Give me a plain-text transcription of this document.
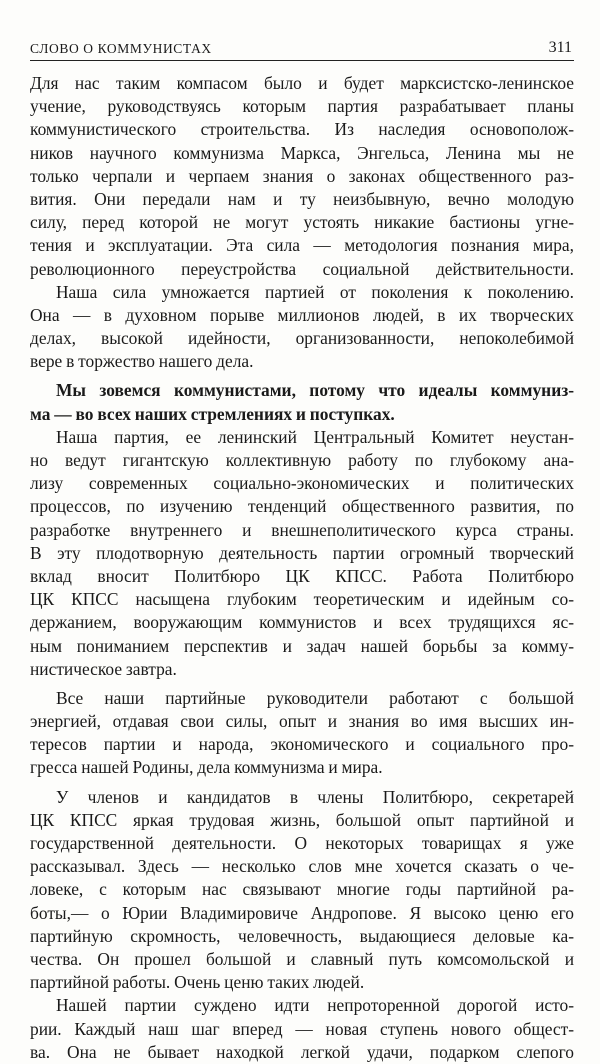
СЛОВО О КОММУНИСТАХ	311
Для нас таким компасом было и будет марксистско-ленинское
учение, руководствуясь которым партия разрабатывает планы
коммунистического строительства. Из наследия основополож-
ников научного коммунизма Маркса, Энгельса, Ленина мы не
только черпали и черпаем знания о законах общественного раз-
вития. Они передали нам и ту неизбывную, вечно молодую
силу, перед которой не могут устоять никакие бастионы угне-
тения и эксплуатации. Эта сила — методология познания мира,
революционного переустройства социальной действительности.
Наша сила умножается партией от поколения к поколению.
Она — в духовном порыве миллионов людей, в их творческих
делах, высокой идейности, организованности, непоколебимой
вере в торжество нашего дела.
Мы зовемся коммунистами, потому что идеалы коммуниз-
ма — во всех наших стремлениях и поступках.
Наша партия, ее ленинский Центральный Комитет неустан-
но ведут гигантскую коллективную работу по глубокому ана-
лизу современных социально-экономических и политических
процессов, по изучению тенденций общественного развития, по
разработке внутреннего и внешнеполитического курса страны.
В эту плодотворную деятельность партии огромный творческий
вклад вносит Политбюро ЦК КПСС. Работа Политбюро
ЦК КПСС насыщена глубоким теоретическим и идейным со-
держанием, вооружающим коммунистов и всех трудящихся яс-
ным пониманием перспектив и задач нашей борьбы за комму-
нистическое завтра.
Все наши партийные руководители работают с большой
энергией, отдавая свои силы, опыт и знания во имя высших ин-
тересов партии и народа, экономического и социального про-
гресса нашей Родины, дела коммунизма и мира.
У членов и кандидатов в члены Политбюро, секретарей
ЦК КПСС яркая трудовая жизнь, большой опыт партийной и
государственной деятельности. О некоторых товарищах я уже
рассказывал. Здесь — несколько слов мне хочется сказать о че-
ловеке, с которым нас связывают многие годы партийной ра-
боты,— о Юрии Владимировиче Андропове. Я высоко ценю его
партийную скромность, человечность, выдающиеся деловые ка-
чества. Он прошел большой и славный путь комсомольской и
партийной работы. Очень ценю таких людей.
Нашей партии суждено идти непроторенной дорогой исто-
рии. Каждый наш шаг вперед — новая ступень нового общест-
ва. Она не бывает находкой легкой удачи, подарком слепого
